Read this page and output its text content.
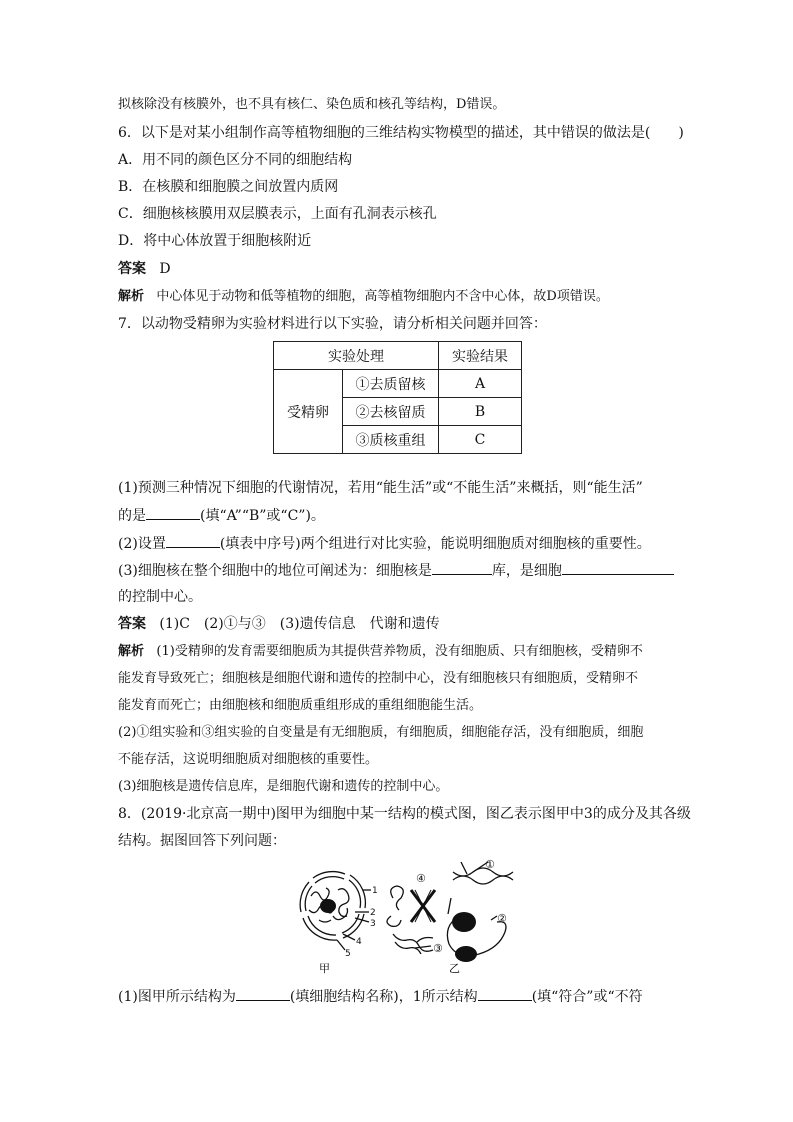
拟核除没有核膜外，也不具有核仁、染色质和核孔等结构，D错误。
6．以下是对某小组制作高等植物细胞的三维结构实物模型的描述，其中错误的做法是(　　)
A．用不同的颜色区分不同的细胞结构
B．在核膜和细胞膜之间放置内质网
C．细胞核核膜用双层膜表示，上面有孔洞表示核孔
D．将中心体放置于细胞核附近
答案 D
解析 中心体见于动物和低等植物的细胞，高等植物细胞内不含中心体，故D项错误。
7．以动物受精卵为实验材料进行以下实验，请分析相关问题并回答：
实验处理		实验结果
受精卵	①去质留核	A
	②去核留质	B
	③质核重组	C
(1)预测三种情况下细胞的代谢情况，若用“能生活”或“不能生活”来概括，则“能生活”
的是	(填“A”“B”或“C”)。
(2)设置	(填表中序号)两个组进行对比实验，能说明细胞质对细胞核的重要性。
(3)细胞核在整个细胞中的地位可阐述为：细胞核是	库，是细胞
的控制中心。
答案 (1)C　(2)①与③　(3)遗传信息　代谢和遗传
解析 (1)受精卵的发育需要细胞质为其提供营养物质，没有细胞质、只有细胞核，受精卵不
能发育导致死亡；细胞核是细胞代谢和遗传的控制中心，没有细胞核只有细胞质，受精卵不
能发育而死亡；由细胞核和细胞质重组形成的重组细胞能生活。
(2)①组实验和③组实验的自变量是有无细胞质，有细胞质，细胞能存活，没有细胞质，细胞
不能存活，这说明细胞质对细胞核的重要性。
(3)细胞核是遗传信息库，是细胞代谢和遗传的控制中心。
8．(2019·北京高一期中)图甲为细胞中某一结构的模式图，图乙表示图甲中3的成分及其各级
结构。据图回答下列问题：
1
2
3
4
5
甲
①
②
③
④
乙
(1)图甲所示结构为	(填细胞结构名称)，1所示结构	(填“符合”或“不符
